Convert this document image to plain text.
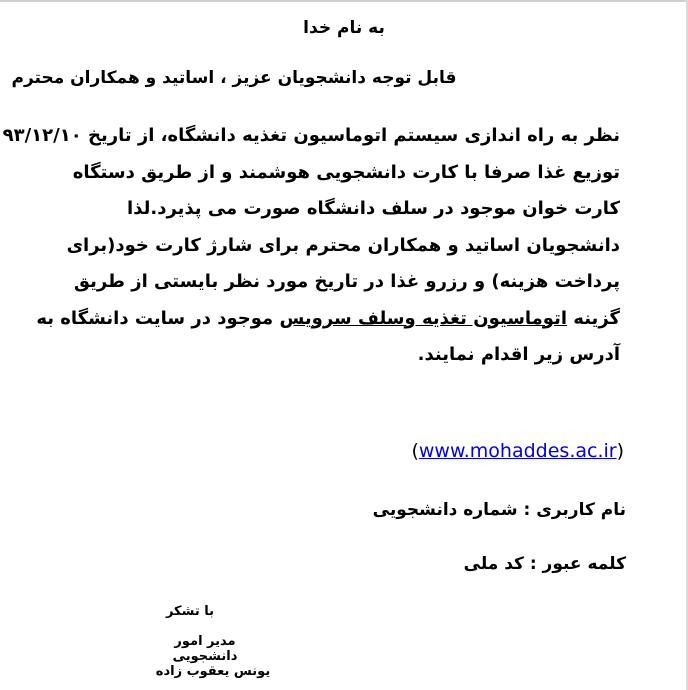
به نام خدا
قابل توجه دانشجویان عزیز ، اساتید و همکاران محترم
نظر به راه اندازی سیستم اتوماسیون تغذیه دانشگاه، از تاریخ ۹۳/۱۲/۱۰
توزیع غذا صرفا با کارت دانشجویی هوشمند و از طریق دستگاه
کارت خوان موجود در سلف دانشگاه صورت می پذیرد.لذا
دانشجویان اساتید و همکاران محترم برای شارژ کارت خود(برای
پرداخت هزینه) و رزرو غذا در تاریخ مورد نظر بایستی از طریق
گزینه اتوماسیون تغذیه وسلف سرویس موجود در سایت دانشگاه به
آدرس زیر اقدام نمایند.
(www.mohaddes.ac.ir)
نام کاربری : شماره دانشجویی
کلمه عبور : کد ملی
با تشکر
مدیر امور دانشجویی
یونس یعقوب زاده
